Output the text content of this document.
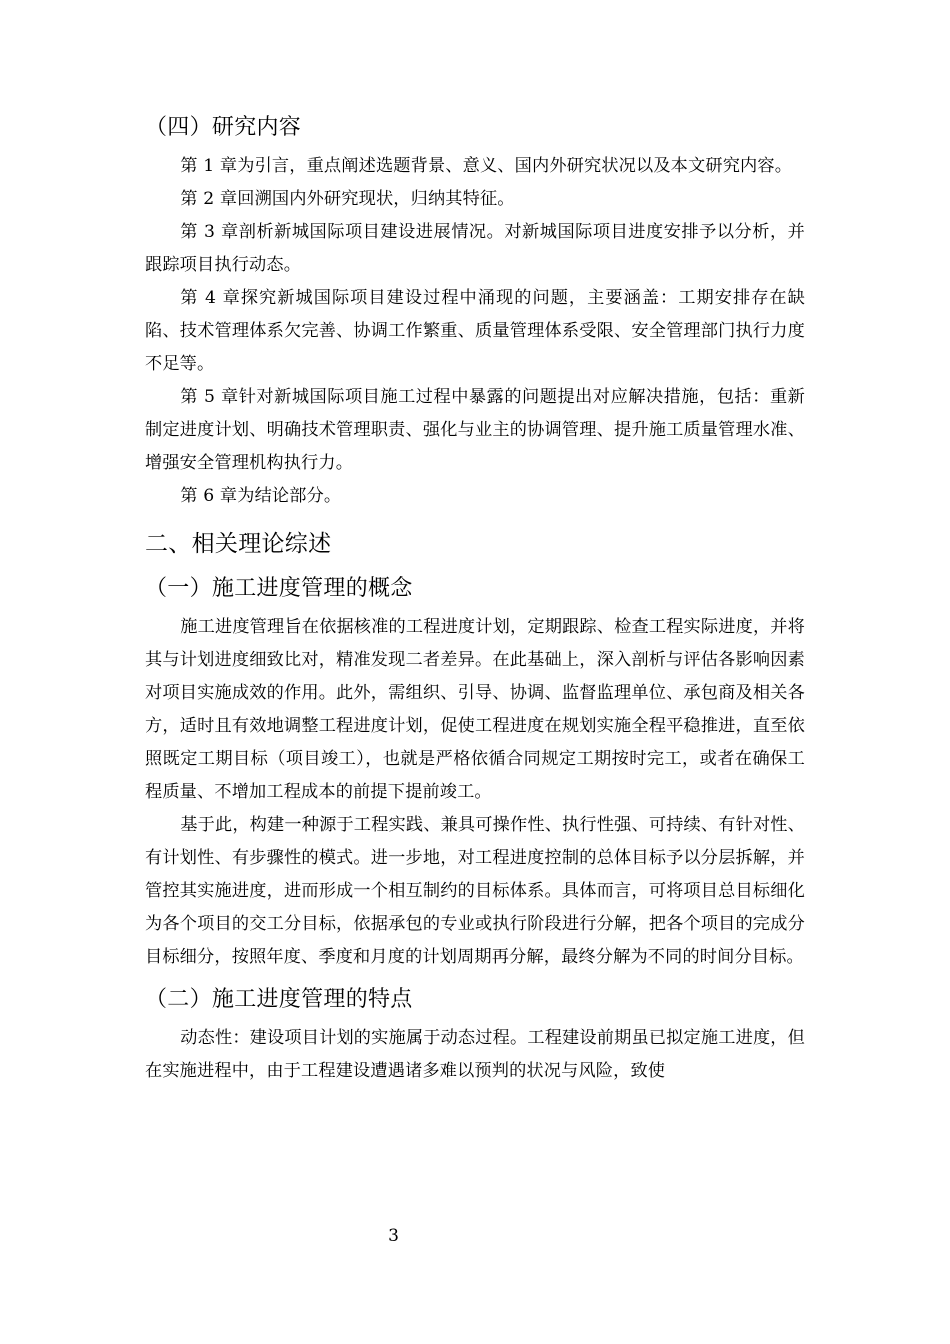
（四）研究内容

第 1 章为引言，重点阐述选题背景、意义、国内外研究状况以及本文研究内容。

第 2 章回溯国内外研究现状，归纳其特征。

第 3 章剖析新城国际项目建设进展情况。对新城国际项目进度安排予以分析，并跟踪项目执行动态。

第 4 章探究新城国际项目建设过程中涌现的问题，主要涵盖：工期安排存在缺陷、技术管理体系欠完善、协调工作繁重、质量管理体系受限、安全管理部门执行力度不足等。

第 5 章针对新城国际项目施工过程中暴露的问题提出对应解决措施，包括：重新制定进度计划、明确技术管理职责、强化与业主的协调管理、提升施工质量管理水准、增强安全管理机构执行力。

第 6 章为结论部分。

二、相关理论综述
（一）施工进度管理的概念

施工进度管理旨在依据核准的工程进度计划，定期跟踪、检查工程实际进度，并将其与计划进度细致比对，精准发现二者差异。在此基础上，深入剖析与评估各影响因素对项目实施成效的作用。此外，需组织、引导、协调、监督监理单位、承包商及相关各方，适时且有效地调整工程进度计划，促使工程进度在规划实施全程平稳推进，直至依照既定工期目标（项目竣工），也就是严格依循合同规定工期按时完工，或者在确保工程质量、不增加工程成本的前提下提前竣工。

基于此，构建一种源于工程实践、兼具可操作性、执行性强、可持续、有针对性、有计划性、有步骤性的模式。进一步地，对工程进度控制的总体目标予以分层拆解，并管控其实施进度，进而形成一个相互制约的目标体系。具体而言，可将项目总目标细化为各个项目的交工分目标，依据承包的专业或执行阶段进行分解，把各个项目的完成分目标细分，按照年度、季度和月度的计划周期再分解，最终分解为不同的时间分目标。

（二）施工进度管理的特点

动态性：建设项目计划的实施属于动态过程。工程建设前期虽已拟定施工进度，但在实施进程中，由于工程建设遭遇诸多难以预判的状况与风险，致使

3
